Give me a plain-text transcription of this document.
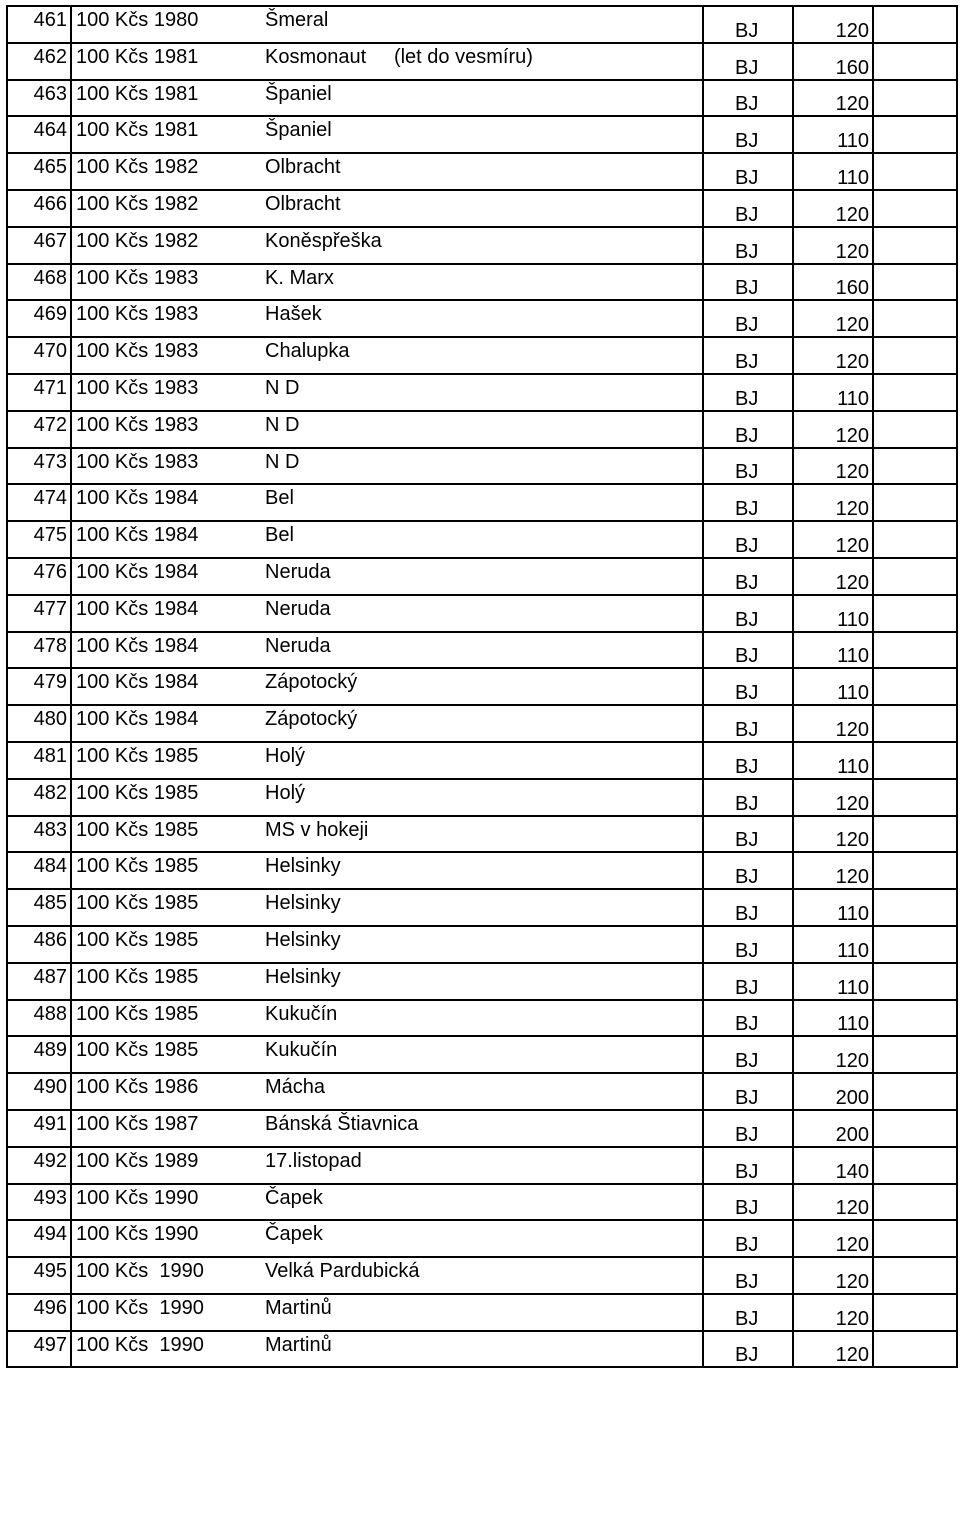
461	100 Kčs 1980 Šmeral	BJ	120	
462	100 Kčs 1981 Kosmonaut     (let do vesmíru)	BJ	160	
463	100 Kčs 1981 Španiel	BJ	120	
464	100 Kčs 1981 Španiel	BJ	110	
465	100 Kčs 1982 Olbracht	BJ	110	
466	100 Kčs 1982 Olbracht	BJ	120	
467	100 Kčs 1982 Koněspřeška	BJ	120	
468	100 Kčs 1983 K. Marx	BJ	160	
469	100 Kčs 1983 Hašek	BJ	120	
470	100 Kčs 1983 Chalupka	BJ	120	
471	100 Kčs 1983 N D	BJ	110	
472	100 Kčs 1983 N D	BJ	120	
473	100 Kčs 1983 N D	BJ	120	
474	100 Kčs 1984 Bel	BJ	120	
475	100 Kčs 1984 Bel	BJ	120	
476	100 Kčs 1984 Neruda	BJ	120	
477	100 Kčs 1984 Neruda	BJ	110	
478	100 Kčs 1984 Neruda	BJ	110	
479	100 Kčs 1984 Zápotocký	BJ	110	
480	100 Kčs 1984 Zápotocký	BJ	120	
481	100 Kčs 1985 Holý	BJ	110	
482	100 Kčs 1985 Holý	BJ	120	
483	100 Kčs 1985 MS v hokeji	BJ	120	
484	100 Kčs 1985 Helsinky	BJ	120	
485	100 Kčs 1985 Helsinky	BJ	110	
486	100 Kčs 1985 Helsinky	BJ	110	
487	100 Kčs 1985 Helsinky	BJ	110	
488	100 Kčs 1985 Kukučín	BJ	110	
489	100 Kčs 1985 Kukučín	BJ	120	
490	100 Kčs 1986 Mácha	BJ	200	
491	100 Kčs 1987 Bánská Štiavnica	BJ	200	
492	100 Kčs 1989 17.listopad	BJ	140	
493	100 Kčs 1990 Čapek	BJ	120	
494	100 Kčs 1990 Čapek	BJ	120	
495	100 Kčs  1990 Velká Pardubická	BJ	120	
496	100 Kčs  1990 Martinů	BJ	120	
497	100 Kčs  1990 Martinů	BJ	120	
